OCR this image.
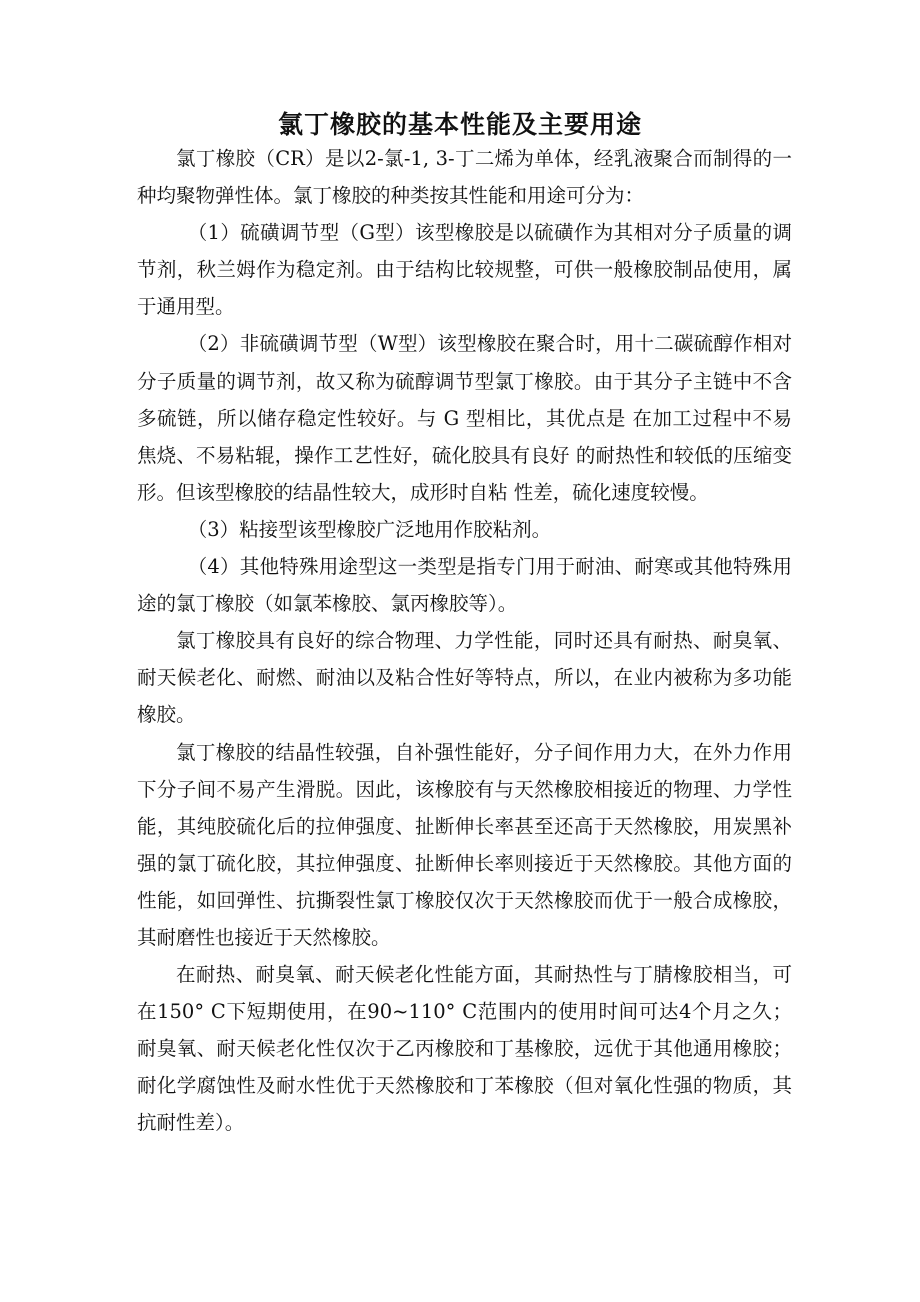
氯丁橡胶的基本性能及主要用途

氯丁橡胶（CR）是以2-氯-1, 3-丁二烯为单体，经乳液聚合而制得的一种均聚物弹性体。氯丁橡胶的种类按其性能和用途可分为：

（1）硫磺调节型（G型）该型橡胶是以硫磺作为其相对分子质量的调节剂，秋兰姆作为稳定剂。由于结构比较规整，可供一般橡胶制品使用，属于通用型。

（2）非硫磺调节型（W型）该型橡胶在聚合时，用十二碳硫醇作相对分子质量的调节剂，故又称为硫醇调节型氯丁橡胶。由于其分子主链中不含多硫链，所以储存稳定性较好。与 G 型相比，其优点是 在加工过程中不易焦烧、不易粘辊，操作工艺性好，硫化胶具有良好 的耐热性和较低的压缩变形。但该型橡胶的结晶性较大，成形时自粘 性差，硫化速度较慢。

（3）粘接型该型橡胶广泛地用作胶粘剂。

（4）其他特殊用途型这一类型是指专门用于耐油、耐寒或其他特殊用途的氯丁橡胶（如氯苯橡胶、氯丙橡胶等）。

氯丁橡胶具有良好的综合物理、力学性能，同时还具有耐热、耐臭氧、耐天候老化、耐燃、耐油以及粘合性好等特点，所以，在业内被称为多功能橡胶。

氯丁橡胶的结晶性较强，自补强性能好，分子间作用力大，在外力作用下分子间不易产生滑脱。因此，该橡胶有与天然橡胶相接近的物理、力学性能，其纯胶硫化后的拉伸强度、扯断伸长率甚至还高于天然橡胶，用炭黑补强的氯丁硫化胶，其拉伸强度、扯断伸长率则接近于天然橡胶。其他方面的性能，如回弹性、抗撕裂性氯丁橡胶仅次于天然橡胶而优于一般合成橡胶，其耐磨性也接近于天然橡胶。

在耐热、耐臭氧、耐天候老化性能方面，其耐热性与丁腈橡胶相当，可在150° C下短期使用，在90~110° C范围内的使用时间可达4个月之久；耐臭氧、耐天候老化性仅次于乙丙橡胶和丁基橡胶，远优于其他通用橡胶；耐化学腐蚀性及耐水性优于天然橡胶和丁苯橡胶（但对氧化性强的物质，其抗耐性差）。
